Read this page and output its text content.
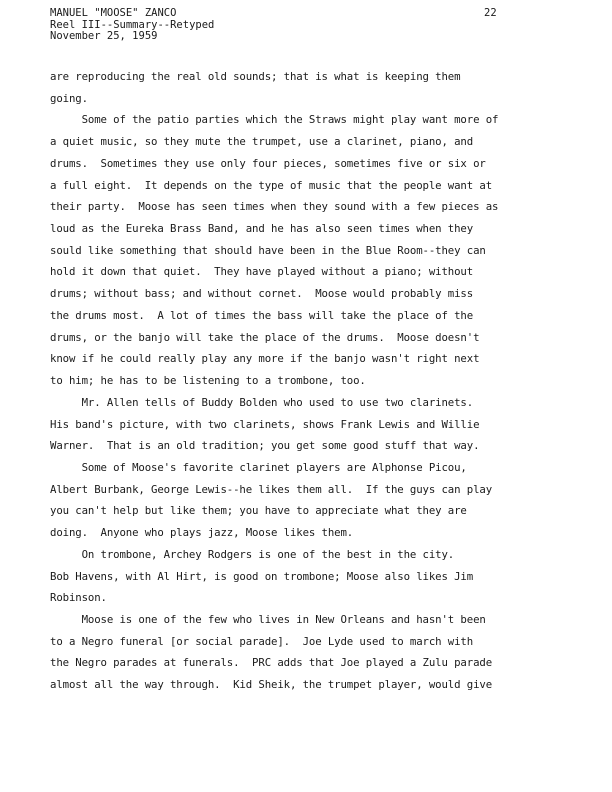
MANUEL "MOOSE" ZANCO
Reel III--Summary--Retyped
November 25, 1959
22
are reproducing the real old sounds; that is what is keeping them
going.
Some of the patio parties which the Straws might play want more of
a quiet music, so they mute the trumpet, use a clarinet, piano, and
drums.  Sometimes they use only four pieces, sometimes five or six or
a full eight.  It depends on the type of music that the people want at
their party.  Moose has seen times when they sound with a few pieces as
loud as the Eureka Brass Band, and he has also seen times when they
sould like something that should have been in the Blue Room--they can
hold it down that quiet.  They have played without a piano; without
drums; without bass; and without cornet.  Moose would probably miss
the drums most.  A lot of times the bass will take the place of the
drums, or the banjo will take the place of the drums.  Moose doesn't
know if he could really play any more if the banjo wasn't right next
to him; he has to be listening to a trombone, too.
Mr. Allen tells of Buddy Bolden who used to use two clarinets.
His band's picture, with two clarinets, shows Frank Lewis and Willie
Warner.  That is an old tradition; you get some good stuff that way.
Some of Moose's favorite clarinet players are Alphonse Picou,
Albert Burbank, George Lewis--he likes them all.  If the guys can play
you can't help but like them; you have to appreciate what they are
doing.  Anyone who plays jazz, Moose likes them.
On trombone, Archey Rodgers is one of the best in the city.
Bob Havens, with Al Hirt, is good on trombone; Moose also likes Jim
Robinson.
Moose is one of the few who lives in New Orleans and hasn't been
to a Negro funeral [or social parade].  Joe Lyde used to march with
the Negro parades at funerals.  PRC adds that Joe played a Zulu parade
almost all the way through.  Kid Sheik, the trumpet player, would give
